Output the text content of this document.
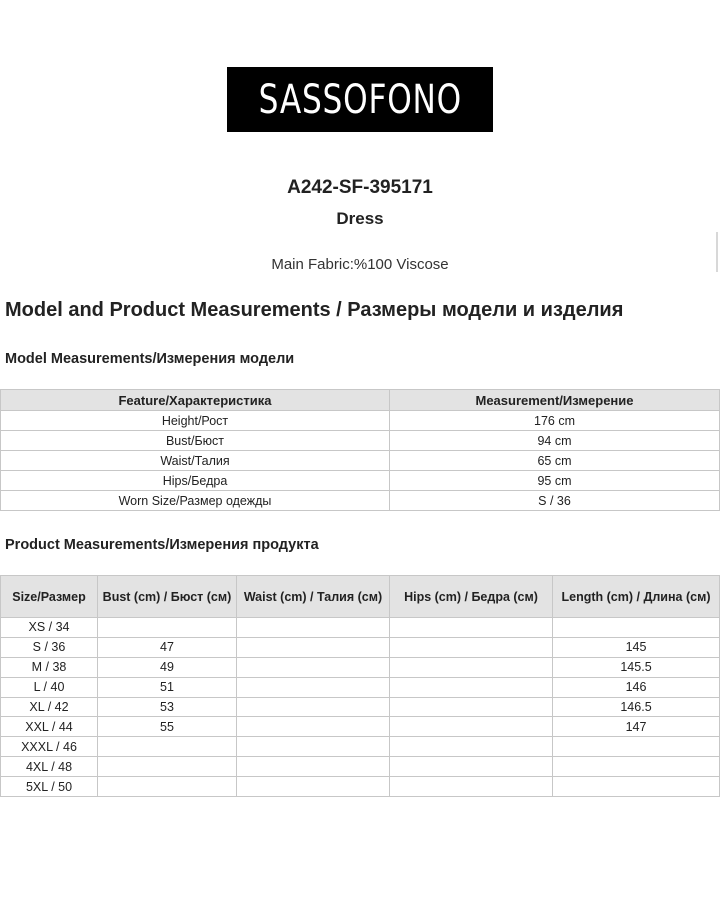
SASSOFONO
A242-SF-395171
Dress
Main Fabric:%100 Viscose
Model and Product Measurements / Размеры модели и изделия
Model Measurements/Измерения модели
Feature/Характеристика	Measurement/Измерение
Height/Рост	176 cm
Bust/Бюст	94 cm
Waist/Талия	65 cm
Hips/Бедра	95 cm
Worn Size/Размер одежды	S / 36
Product Measurements/Измерения продукта
Size/Размер	Bust (cm) / Бюст (см)	Waist (cm) / Талия (см)	Hips (cm) / Бедра (см)	Length (cm) / Длина (см)
XS / 34				
S / 36	47			145
M / 38	49			145.5
L / 40	51			146
XL / 42	53			146.5
XXL / 44	55			147
XXXL / 46				
4XL / 48				
5XL / 50				
